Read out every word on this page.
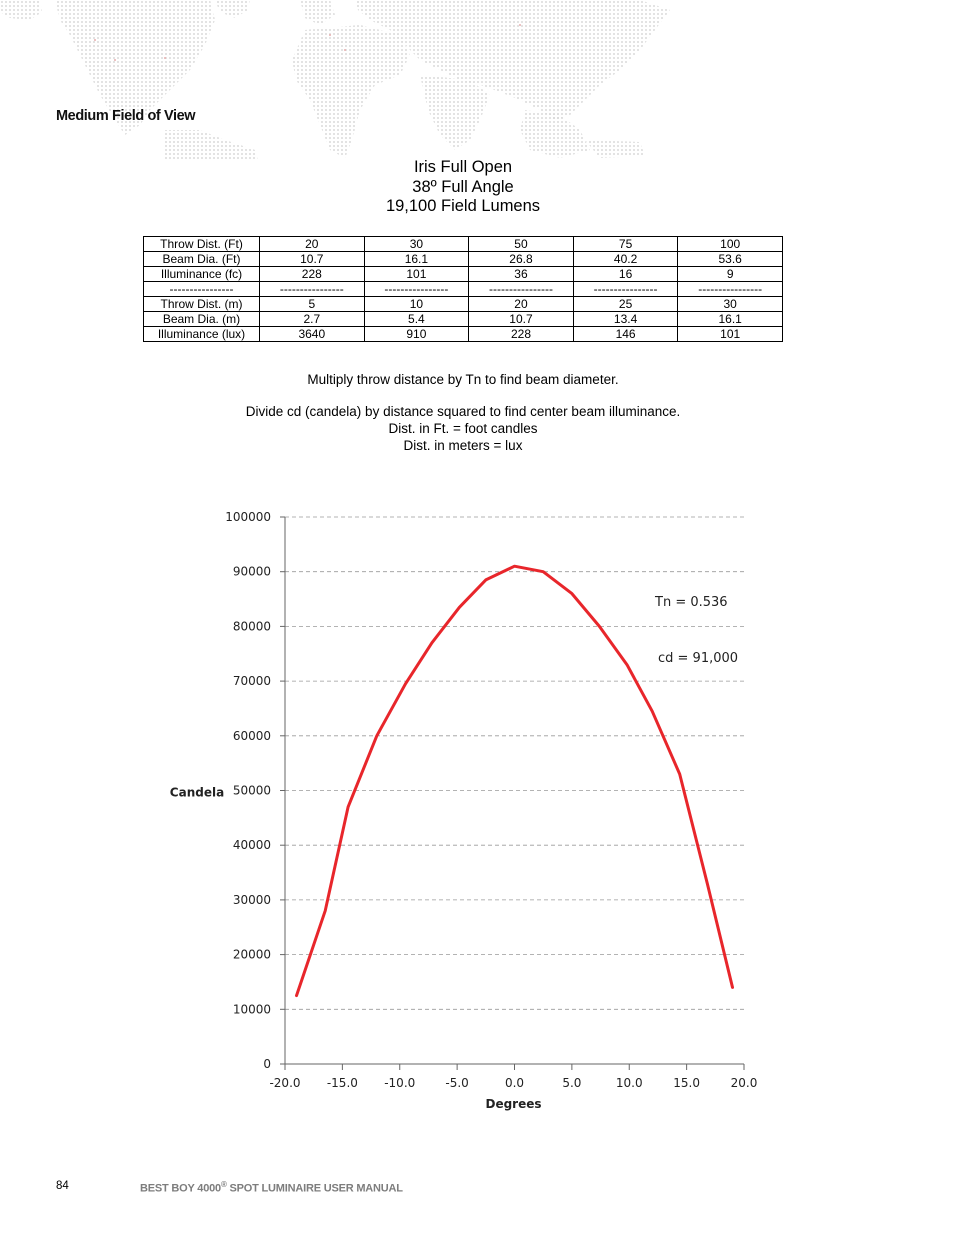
Medium Field of View
Iris Full Open
38º Full Angle
19,100 Field Lumens
Throw Dist. (Ft)	20	30	50	75	100
Beam Dia. (Ft)	10.7	16.1	26.8	40.2	53.6
Illuminance (fc)	228	101	36	16	9
----------------	----------------	----------------	----------------	----------------	----------------
Throw Dist. (m)	5	10	20	25	30
Beam Dia. (m)	2.7	5.4	10.7	13.4	16.1
Illuminance (lux)	3640	910	228	146	101

Multiply throw distance by Tn to find beam diameter.

Divide cd (candela) by distance squared to find center beam illuminance.

Dist. in Ft. = foot candles

Dist. in meters = lux

0
10000
20000
30000
40000
50000
60000
70000
80000
90000
100000
-20.0 -15.0 -10.0	-5.0	0.0	5.0	10.0	15.0	20.0
Degrees
Candela
Tn = 0.536
cd = 91,000
84	BEST BOY 4000® SPOT LUMINAIRE USER MANUAL
